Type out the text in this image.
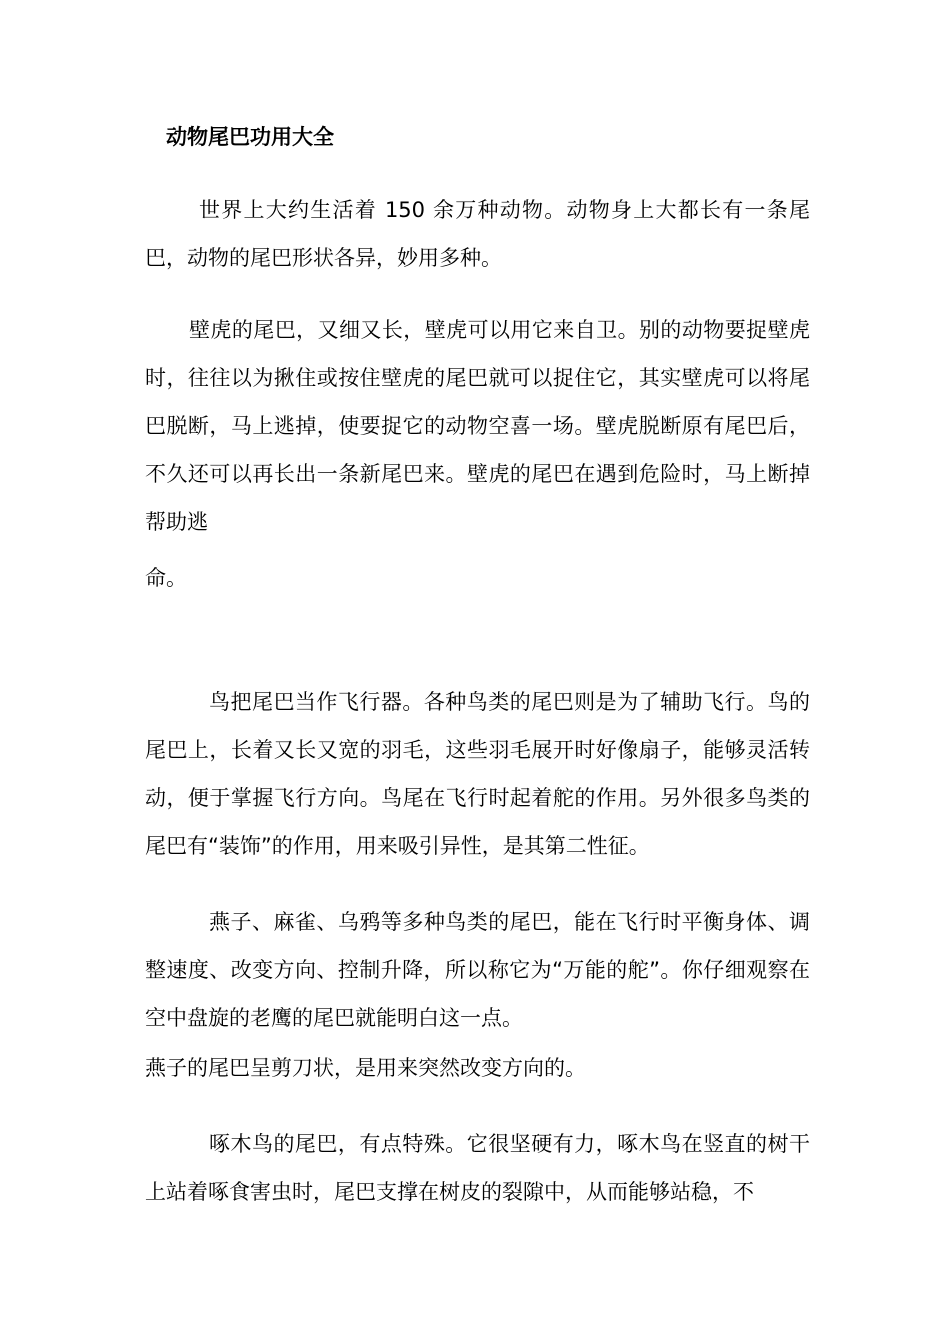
动物尾巴功用大全

世界上大约生活着 150 余万种动物。动物身上大都长有一条尾巴，动物的尾巴形状各异，妙用多种。

壁虎的尾巴，又细又长，壁虎可以用它来自卫。别的动物要捉壁虎时，往往以为揪住或按住壁虎的尾巴就可以捉住它，其实壁虎可以将尾巴脱断，马上逃掉，使要捉它的动物空喜一场。壁虎脱断原有尾巴后，不久还可以再长出一条新尾巴来。壁虎的尾巴在遇到危险时，马上断掉帮助逃

命。

鸟把尾巴当作飞行器。各种鸟类的尾巴则是为了辅助飞行。鸟的尾巴上，长着又长又宽的羽毛，这些羽毛展开时好像扇子，能够灵活转动，便于掌握飞行方向。鸟尾在飞行时起着舵的作用。另外很多鸟类的尾巴有“装饰”的作用，用来吸引异性，是其第二性征。

燕子、麻雀、乌鸦等多种鸟类的尾巴，能在飞行时平衡身体、调整速度、改变方向、控制升降，所以称它为“万能的舵”。你仔细观察在空中盘旋的老鹰的尾巴就能明白这一点。

燕子的尾巴呈剪刀状，是用来突然改变方向的。

啄木鸟的尾巴，有点特殊。它很坚硬有力，啄木鸟在竖直的树干上站着啄食害虫时，尾巴支撑在树皮的裂隙中，从而能够站稳，不
